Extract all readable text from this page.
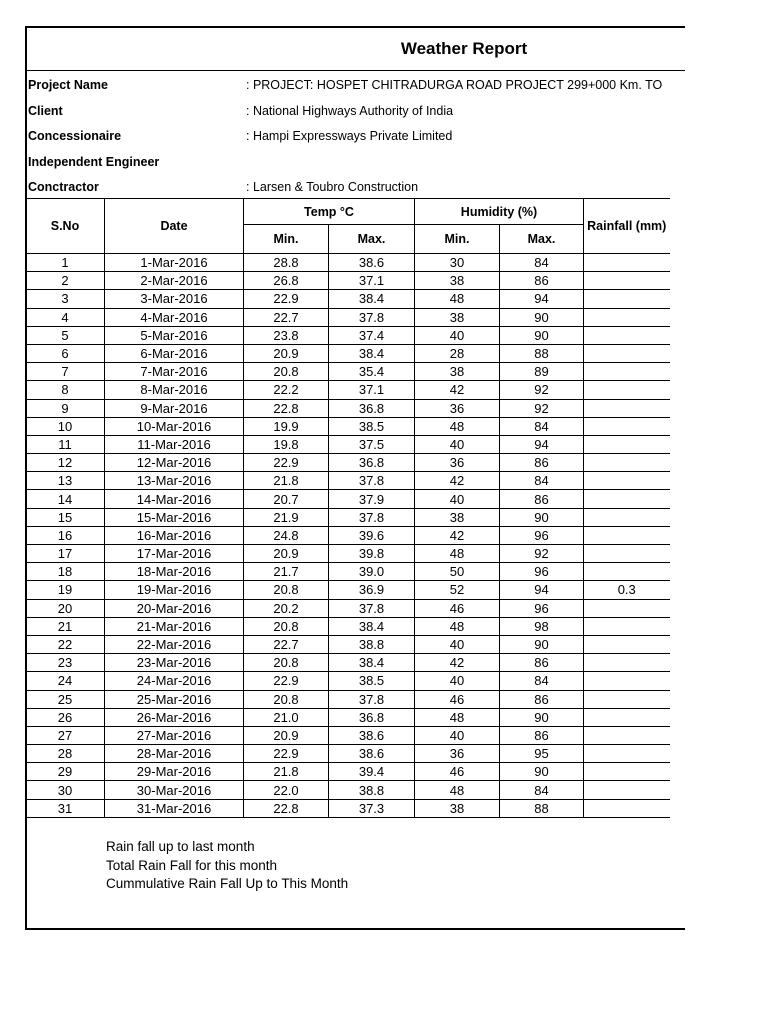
Weather Report
Project Name	: PROJECT: HOSPET CHITRADURGA ROAD PROJECT 299+000 Km. TO
Client	: National Highways Authority of India
Concessionaire	: Hampi Expressways Private Limited
Independent Engineer
Conctractor	: Larsen & Toubro Construction
S.No	Date	Temp °C		Humidity (%)		Rainfall (mm)
		Min.	Max.	Min.	Max.	
1	1-Mar-2016	28.8	38.6	30	84	
2	2-Mar-2016	26.8	37.1	38	86	
3	3-Mar-2016	22.9	38.4	48	94	
4	4-Mar-2016	22.7	37.8	38	90	
5	5-Mar-2016	23.8	37.4	40	90	
6	6-Mar-2016	20.9	38.4	28	88	
7	7-Mar-2016	20.8	35.4	38	89	
8	8-Mar-2016	22.2	37.1	42	92	
9	9-Mar-2016	22.8	36.8	36	92	
10	10-Mar-2016	19.9	38.5	48	84	
11	11-Mar-2016	19.8	37.5	40	94	
12	12-Mar-2016	22.9	36.8	36	86	
13	13-Mar-2016	21.8	37.8	42	84	
14	14-Mar-2016	20.7	37.9	40	86	
15	15-Mar-2016	21.9	37.8	38	90	
16	16-Mar-2016	24.8	39.6	42	96	
17	17-Mar-2016	20.9	39.8	48	92	
18	18-Mar-2016	21.7	39.0	50	96	
19	19-Mar-2016	20.8	36.9	52	94	0.3
20	20-Mar-2016	20.2	37.8	46	96	
21	21-Mar-2016	20.8	38.4	48	98	
22	22-Mar-2016	22.7	38.8	40	90	
23	23-Mar-2016	20.8	38.4	42	86	
24	24-Mar-2016	22.9	38.5	40	84	
25	25-Mar-2016	20.8	37.8	46	86	
26	26-Mar-2016	21.0	36.8	48	90	
27	27-Mar-2016	20.9	38.6	40	86	
28	28-Mar-2016	22.9	38.6	36	95	
29	29-Mar-2016	21.8	39.4	46	90	
30	30-Mar-2016	22.0	38.8	48	84	
31	31-Mar-2016	22.8	37.3	38	88	
Rain fall up to last month
Total Rain Fall for this month
Cummulative Rain Fall Up to This Month
